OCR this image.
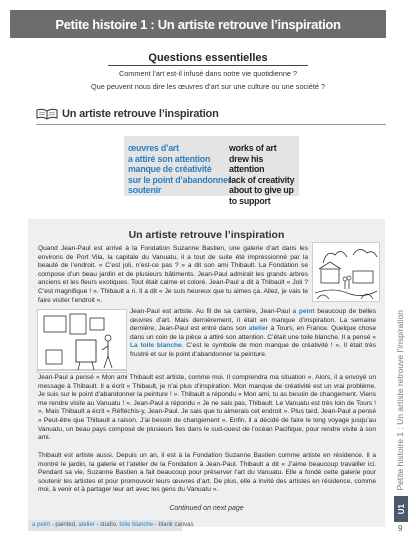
Petite histoire 1 : Un artiste retrouve l’inspiration
Petite histoire 1 : Un artiste retrouve l’inspiration
U1
Questions essentielles

Comment l’art est-il infusé dans notre vie quotidienne ?

Que peuvent nous dire les œuvres d’art sur une culture ou une société ?

Un artiste retrouve l’inspiration
œuvres d’art
a attiré son attention
manque de créativité
sur le point d’abandonner
soutenir
works of art
drew his attention
lack of creativity
about to give up
to support
Un artiste retrouve l’inspiration

Quand Jean-Paul est arrivé à la Fondation Suzanne Bastien, une galerie d’art dans les environs de Port Vila, la capitale du Vanuatu, il a tout de suite été impressionné par la beauté de l’endroit. « C’est joli, n’est-ce pas ? » a dit son ami Thibault. La Fondation se compose d’un beau jardin et de plusieurs bâtiments. Jean-Paul admirait les grands arbres anciens et les fleurs exotiques. Tout était calme et coloré. Jean-Paul a dit à Thibault « Joli ? C’est magnifique ! ». Thibault a ri. Il a dit « Je suis heureux que tu aimes ça. Allez, je vais te faire visiter l’endroit ».

Jean-Paul est artiste. Au fil de sa carrière, Jean-Paul a peint beaucoup de belles œuvres d’art. Mais dernièrement, il était en manque d’inspiration. La semaine dernière, Jean-Paul est entré dans son atelier à Tours, en France. Quelque chose dans un coin de la pièce a attiré son attention. C’était une toile blanche. Il a pensé « La toile blanche. C’est le symbole de mon manque de créativité ! ». Il était très frustré et sur le point d’abandonner la peinture.

Jean-Paul a pensé « Mon ami Thibault est artiste, comme moi. Il comprendra ma situation ». Alors, il a envoyé un message à Thibault. Il a écrit « Thibault, je n’ai plus d’inspiration. Mon manque de créativité est un vrai problème. Je suis sur le point d’abandonner la peinture ! ». Thibault a répondu « Mon ami, tu as besoin de changement. Viens me rendre visite au Vanuatu ! ». Jean-Paul a répondu « Je ne sais pas, Thibault. Le Vanuatu est très loin de Tours ! ». Mais Thibault a écrit « Réfléchis-y, Jean-Paul. Je sais que tu aimerais cet endroit ». Plus tard, Jean-Paul a pensé « Peut-être que Thibault a raison. J’ai besoin de changement ». Enfin, il a décidé de faire le long voyage jusqu’au Vanuatu, un beau pays composé de plusieurs îles dans le sud-ouest de l’océan Pacifique, pour rendre visite à son ami.

Thibault est artiste aussi. Depuis un an, il est à la Fondation Suzanne Bastien comme artiste en résidence. Il a montré le jardin, la galerie et l’atelier de la Fondation à Jean-Paul. Thibault a dit « J’aime beaucoup travailler ici. Pendant sa vie, Suzanne Bastien a fait beaucoup pour préserver l’art du Vanuatu. Elle a fondé cette galerie pour soutenir les artistes et pour promouvoir leurs œuvres d’art. De plus, elle a invité des artistes en résidence, comme moi, à venir et à partager leur art avec les gens du Vanuatu ».

Continued on next page
a peint - painted, atelier - studio, toile blanche - blank canvas	9
